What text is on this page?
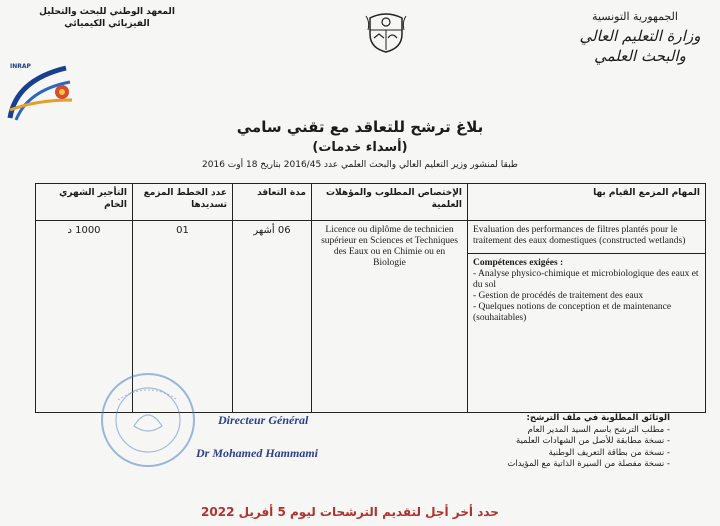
المعهد الوطني للبحث والتحليل
الفيزيائي الكيميائي
الجمهورية التونسية
وزارة التعليم العالي
والبحث العلمي
INRAP
بلاغ ترشح للتعاقد مع تقني سامي
(أسداء خدمات)
طبقا لمنشور وزير التعليم العالي والبحث العلمي عدد 2016/45 بتاريخ 18 أوت 2016
التأجير الشهري الخام	عدد الخطط المزمع تسديدها	مدة التعاقد	الإختصاص المطلوب والمؤهلات العلمية	المهام المزمع القيام بها
1000 د	01	06 أشهر	Licence ou diplôme de technicien supérieur en Sciences et Techniques des Eaux ou en Chimie ou en Biologie	Evaluation des performances de filtres plantés pour le traitement des eaux domestiques (constructed wetlands)
Compétences exigées :
- Analyse physico-chimique et microbiologique des eaux et du sol
- Gestion de procédés de traitement des eaux
- Quelques notions de conception et de maintenance (souhaitables)
Directeur Général
Dr Mohamed Hammami
الوثائق المطلوبة في ملف الترشح:
- مطلب الترشح باسم السيد المدير العام
- نسخة مطابقة للأصل من الشهادات العلمية
- نسخة من بطاقة التعريف الوطنية
- نسخة مفصلة من السيرة الذاتية مع المؤيدات
حدد أخر أجل لتقديم الترشحات ليوم 5 أفريل 2022
